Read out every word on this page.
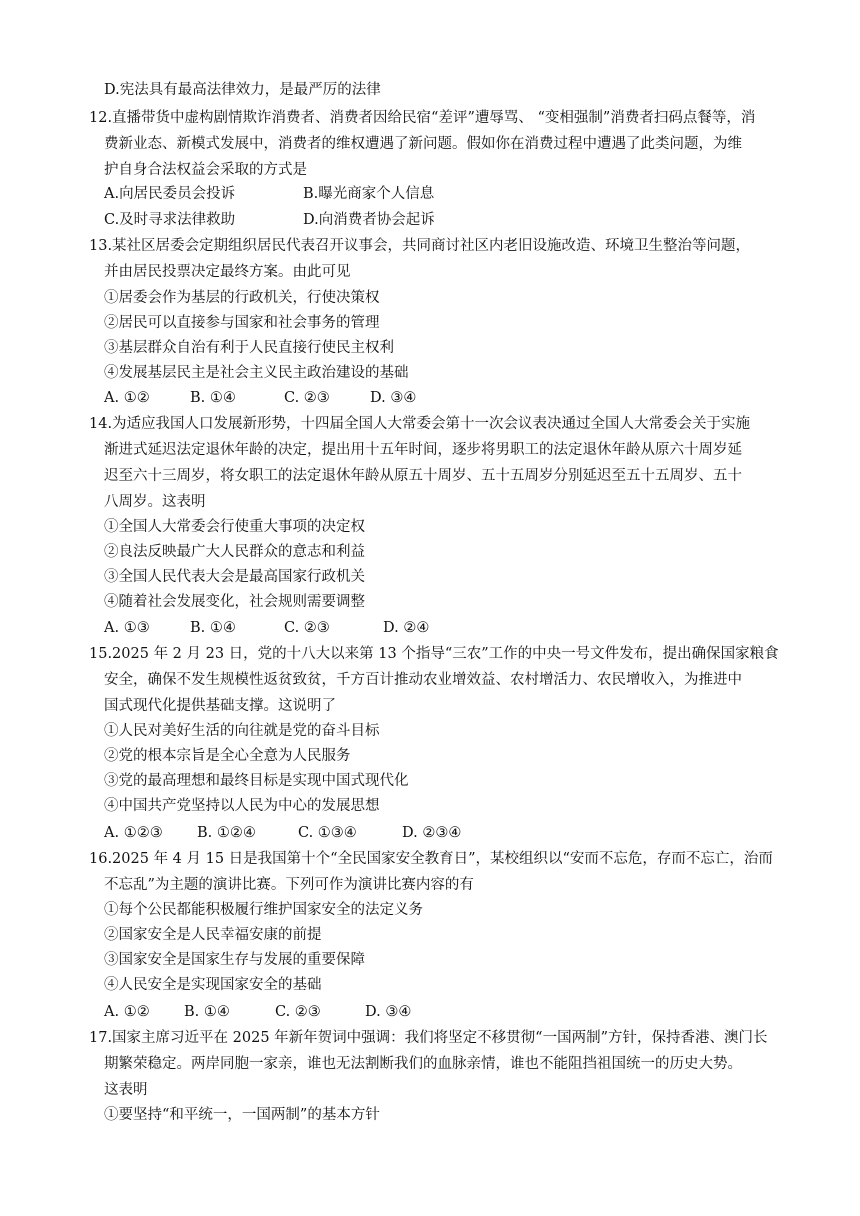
D.宪法具有最高法律效力，是最严厉的法律
12.直播带货中虚构剧情欺诈消费者、消费者因给民宿“差评”遭辱骂、 “变相强制”消费者扫码点餐等，消
费新业态、新模式发展中，消费者的维权遭遇了新问题。假如你在消费过程中遭遇了此类问题，为维
护自身合法权益会采取的方式是
A.向居民委员会投诉	B.曝光商家个人信息
C.及时寻求法律救助	D.向消费者协会起诉
13.某社区居委会定期组织居民代表召开议事会，共同商讨社区内老旧设施改造、环境卫生整治等问题，
并由居民投票决定最终方案。由此可见
①居委会作为基层的行政机关，行使决策权
②居民可以直接参与国家和社会事务的管理
③基层群众自治有利于人民直接行使民主权利
④发展基层民主是社会主义民主政治建设的基础
A. ①②	B. ①④	C. ②③	D. ③④
14.为适应我国人口发展新形势，十四届全国人大常委会第十一次会议表决通过全国人大常委会关于实施
渐进式延迟法定退休年龄的决定，提出用十五年时间，逐步将男职工的法定退休年龄从原六十周岁延
迟至六十三周岁，将女职工的法定退休年龄从原五十周岁、五十五周岁分别延迟至五十五周岁、五十
八周岁。这表明
①全国人大常委会行使重大事项的决定权
②良法反映最广大人民群众的意志和利益
③全国人民代表大会是最高国家行政机关
④随着社会发展变化，社会规则需要调整
A. ①③	B. ①④	C. ②③	D. ②④
15.2025 年 2 月 23 日，党的十八大以来第 13 个指导“三农”工作的中央一号文件发布，提出确保国家粮食
安全，确保不发生规模性返贫致贫，千方百计推动农业增效益、农村增活力、农民增收入，为推进中
国式现代化提供基础支撑。这说明了
①人民对美好生活的向往就是党的奋斗目标
②党的根本宗旨是全心全意为人民服务
③党的最高理想和最终目标是实现中国式现代化
④中国共产党坚持以人民为中心的发展思想
A. ①②③ B. ①②④	C. ①③④	D. ②③④
16.2025 年 4 月 15 日是我国第十个“全民国家安全教育日”，某校组织以“安而不忘危，存而不忘亡，治而
不忘乱”为主题的演讲比赛。下列可作为演讲比赛内容的有
①每个公民都能积极履行维护国家安全的法定义务
②国家安全是人民幸福安康的前提
③国家安全是国家生存与发展的重要保障
④人民安全是实现国家安全的基础
A. ①② B. ①④	C. ②③	D. ③④
17.国家主席习近平在 2025 年新年贺词中强调：我们将坚定不移贯彻“一国两制”方针，保持香港、澳门长
期繁荣稳定。两岸同胞一家亲，谁也无法割断我们的血脉亲情，谁也不能阻挡祖国统一的历史大势。
这表明
①要坚持“和平统一，一国两制”的基本方针
